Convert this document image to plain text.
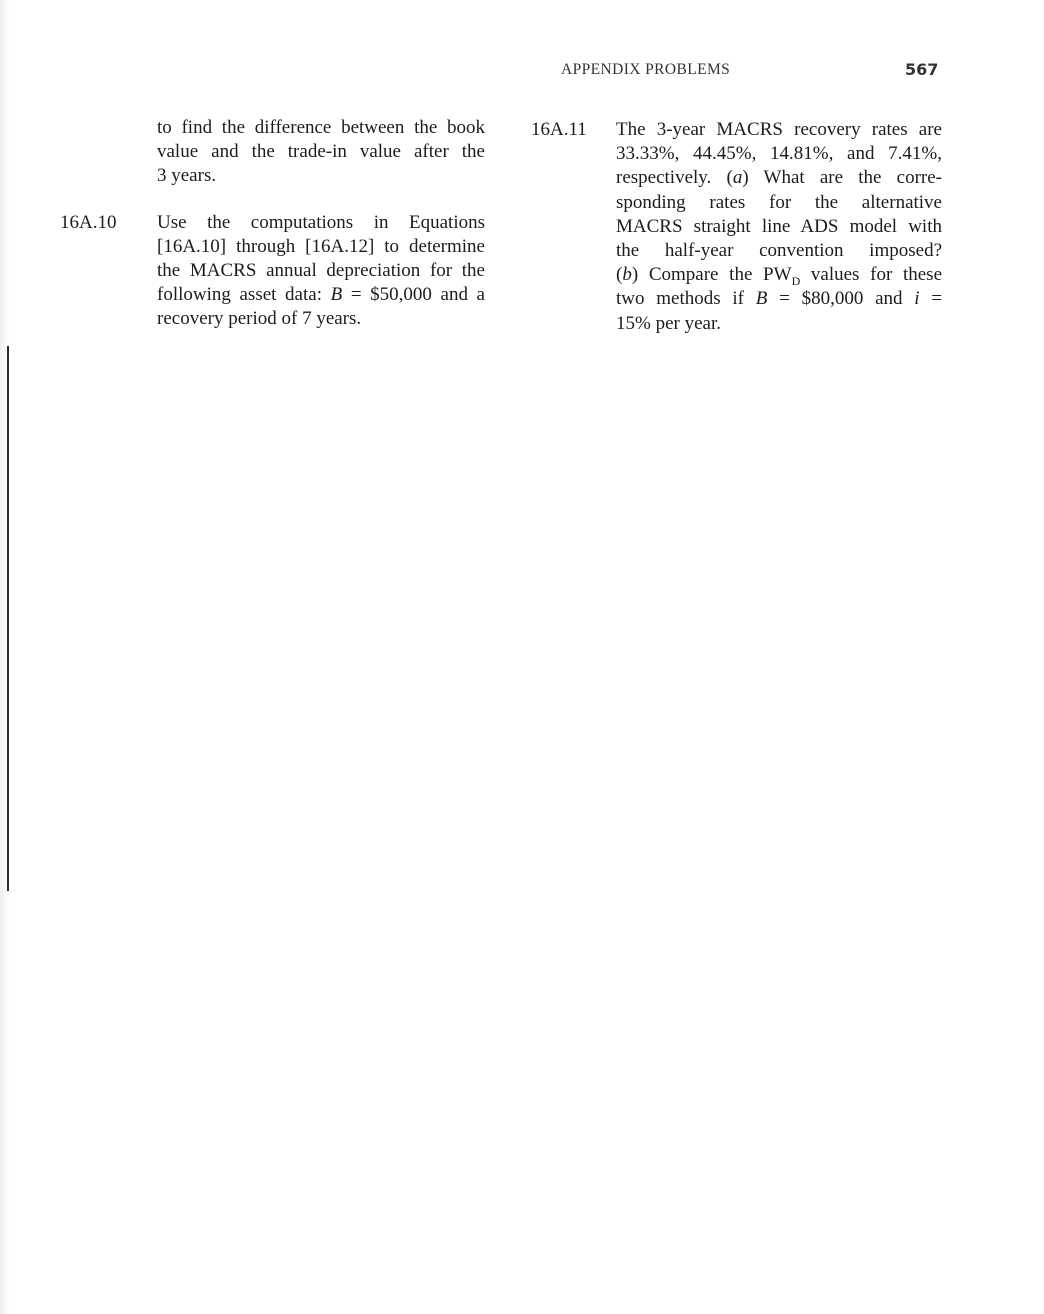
APPENDIX PROBLEMS	567
to find the difference between the book
value and the trade-in value after the
3 years.
16A.10 Use the computations in Equations
[16A.10] through [16A.12] to determine
the MACRS annual depreciation for the
following asset data: B = $50,000 and a
recovery period of 7 years.
16A.11 The 3-year MACRS recovery rates are
33.33%, 44.45%, 14.81%, and 7.41%,
respectively. (a) What are the corre-
sponding rates for the alternative
MACRS straight line ADS model with
the half-year convention imposed?
(b) Compare the $PW_D$ values for these
two methods if B = $80,000 and i =
15% per year.
